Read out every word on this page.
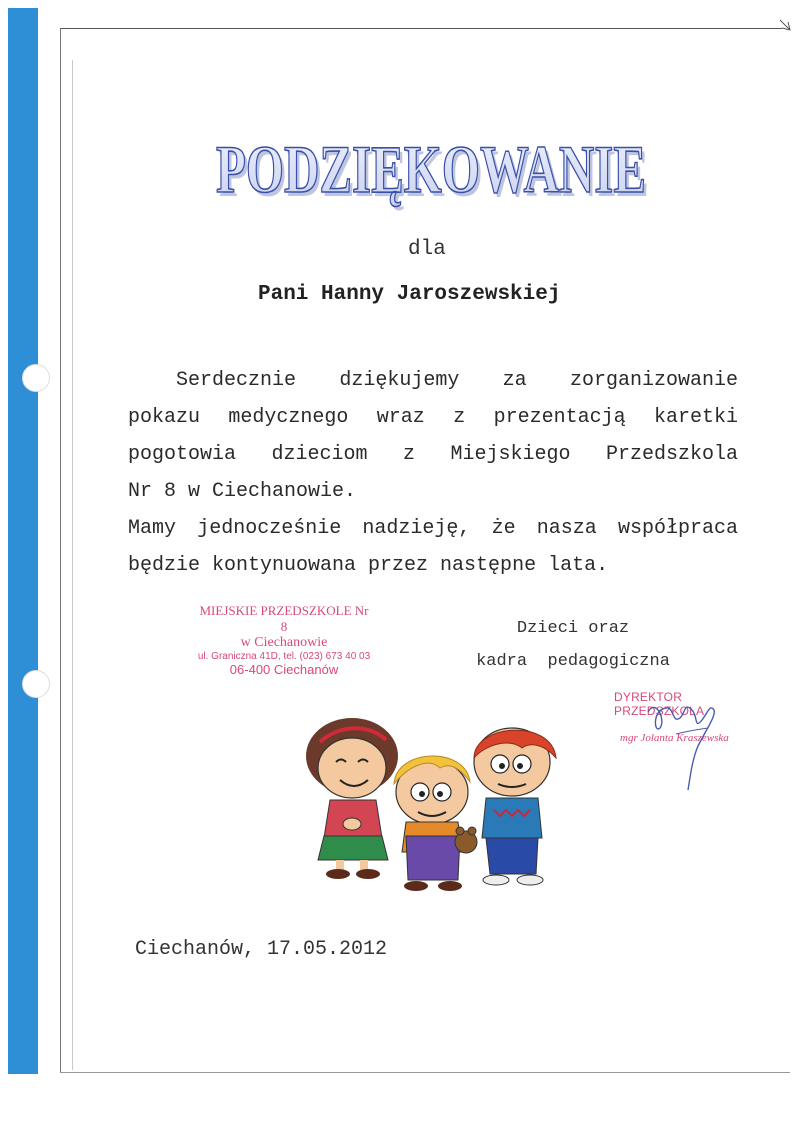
PODZIĘKOWANIE
PODZIĘKOWANIE
dla
Pani Hanny Jaroszewskiej
Serdecznie dziękujemy za zorganizowanie
pokazu medycznego wraz z prezentacją karetki
pogotowia dzieciom z Miejskiego Przedszkola
Nr 8 w Ciechanowie.
Mamy jednocześnie nadzieję, że nasza współpraca
będzie kontynuowana przez następne lata.
MIEJSKIE PRZEDSZKOLE Nr 8
w Ciechanowie
ul. Graniczna 41D, tel. (023) 673 40 03
06-400 Ciechanów
Dzieci oraz
kadra  pedagogiczna
DYREKTOR PRZEDSZKOLA
mgr Jolanta Kraszewska
Ciechanów, 17.05.2012
